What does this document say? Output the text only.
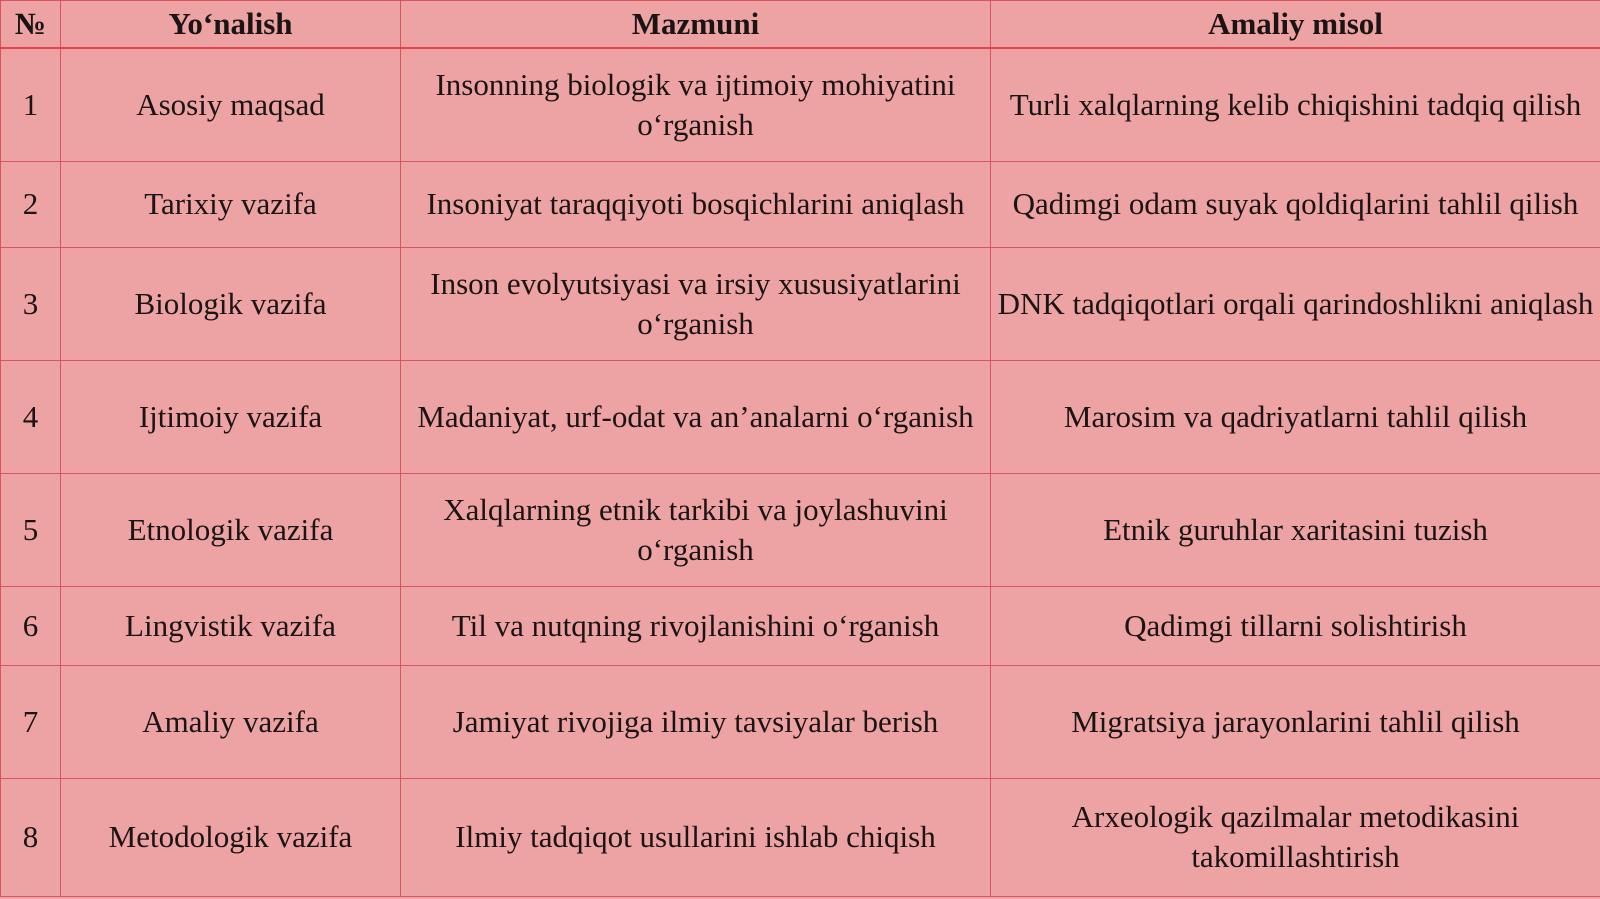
№	Yo‘nalish	Mazmuni	Amaliy misol
1	Asosiy maqsad	Insonning biologik va ijtimoiy mohiyatini o‘rganish	Turli xalqlarning kelib chiqishini tadqiq qilish
2	Tarixiy vazifa	Insoniyat taraqqiyoti bosqichlarini aniqlash	Qadimgi odam suyak qoldiqlarini tahlil qilish
3	Biologik vazifa	Inson evolyutsiyasi va irsiy xususiyatlarini o‘rganish	DNK tadqiqotlari orqali qarindoshlikni aniqlash
4	Ijtimoiy vazifa	Madaniyat, urf-odat va an’analarni o‘rganish	Marosim va qadriyatlarni tahlil qilish
5	Etnologik vazifa	Xalqlarning etnik tarkibi va joylashuvini o‘rganish	Etnik guruhlar xaritasini tuzish
6	Lingvistik vazifa	Til va nutqning rivojlanishini o‘rganish	Qadimgi tillarni solishtirish
7	Amaliy vazifa	Jamiyat rivojiga ilmiy tavsiyalar berish	Migratsiya jarayonlarini tahlil qilish
8	Metodologik vazifa	Ilmiy tadqiqot usullarini ishlab chiqish	Arxeologik qazilmalar metodikasini takomillashtirish
